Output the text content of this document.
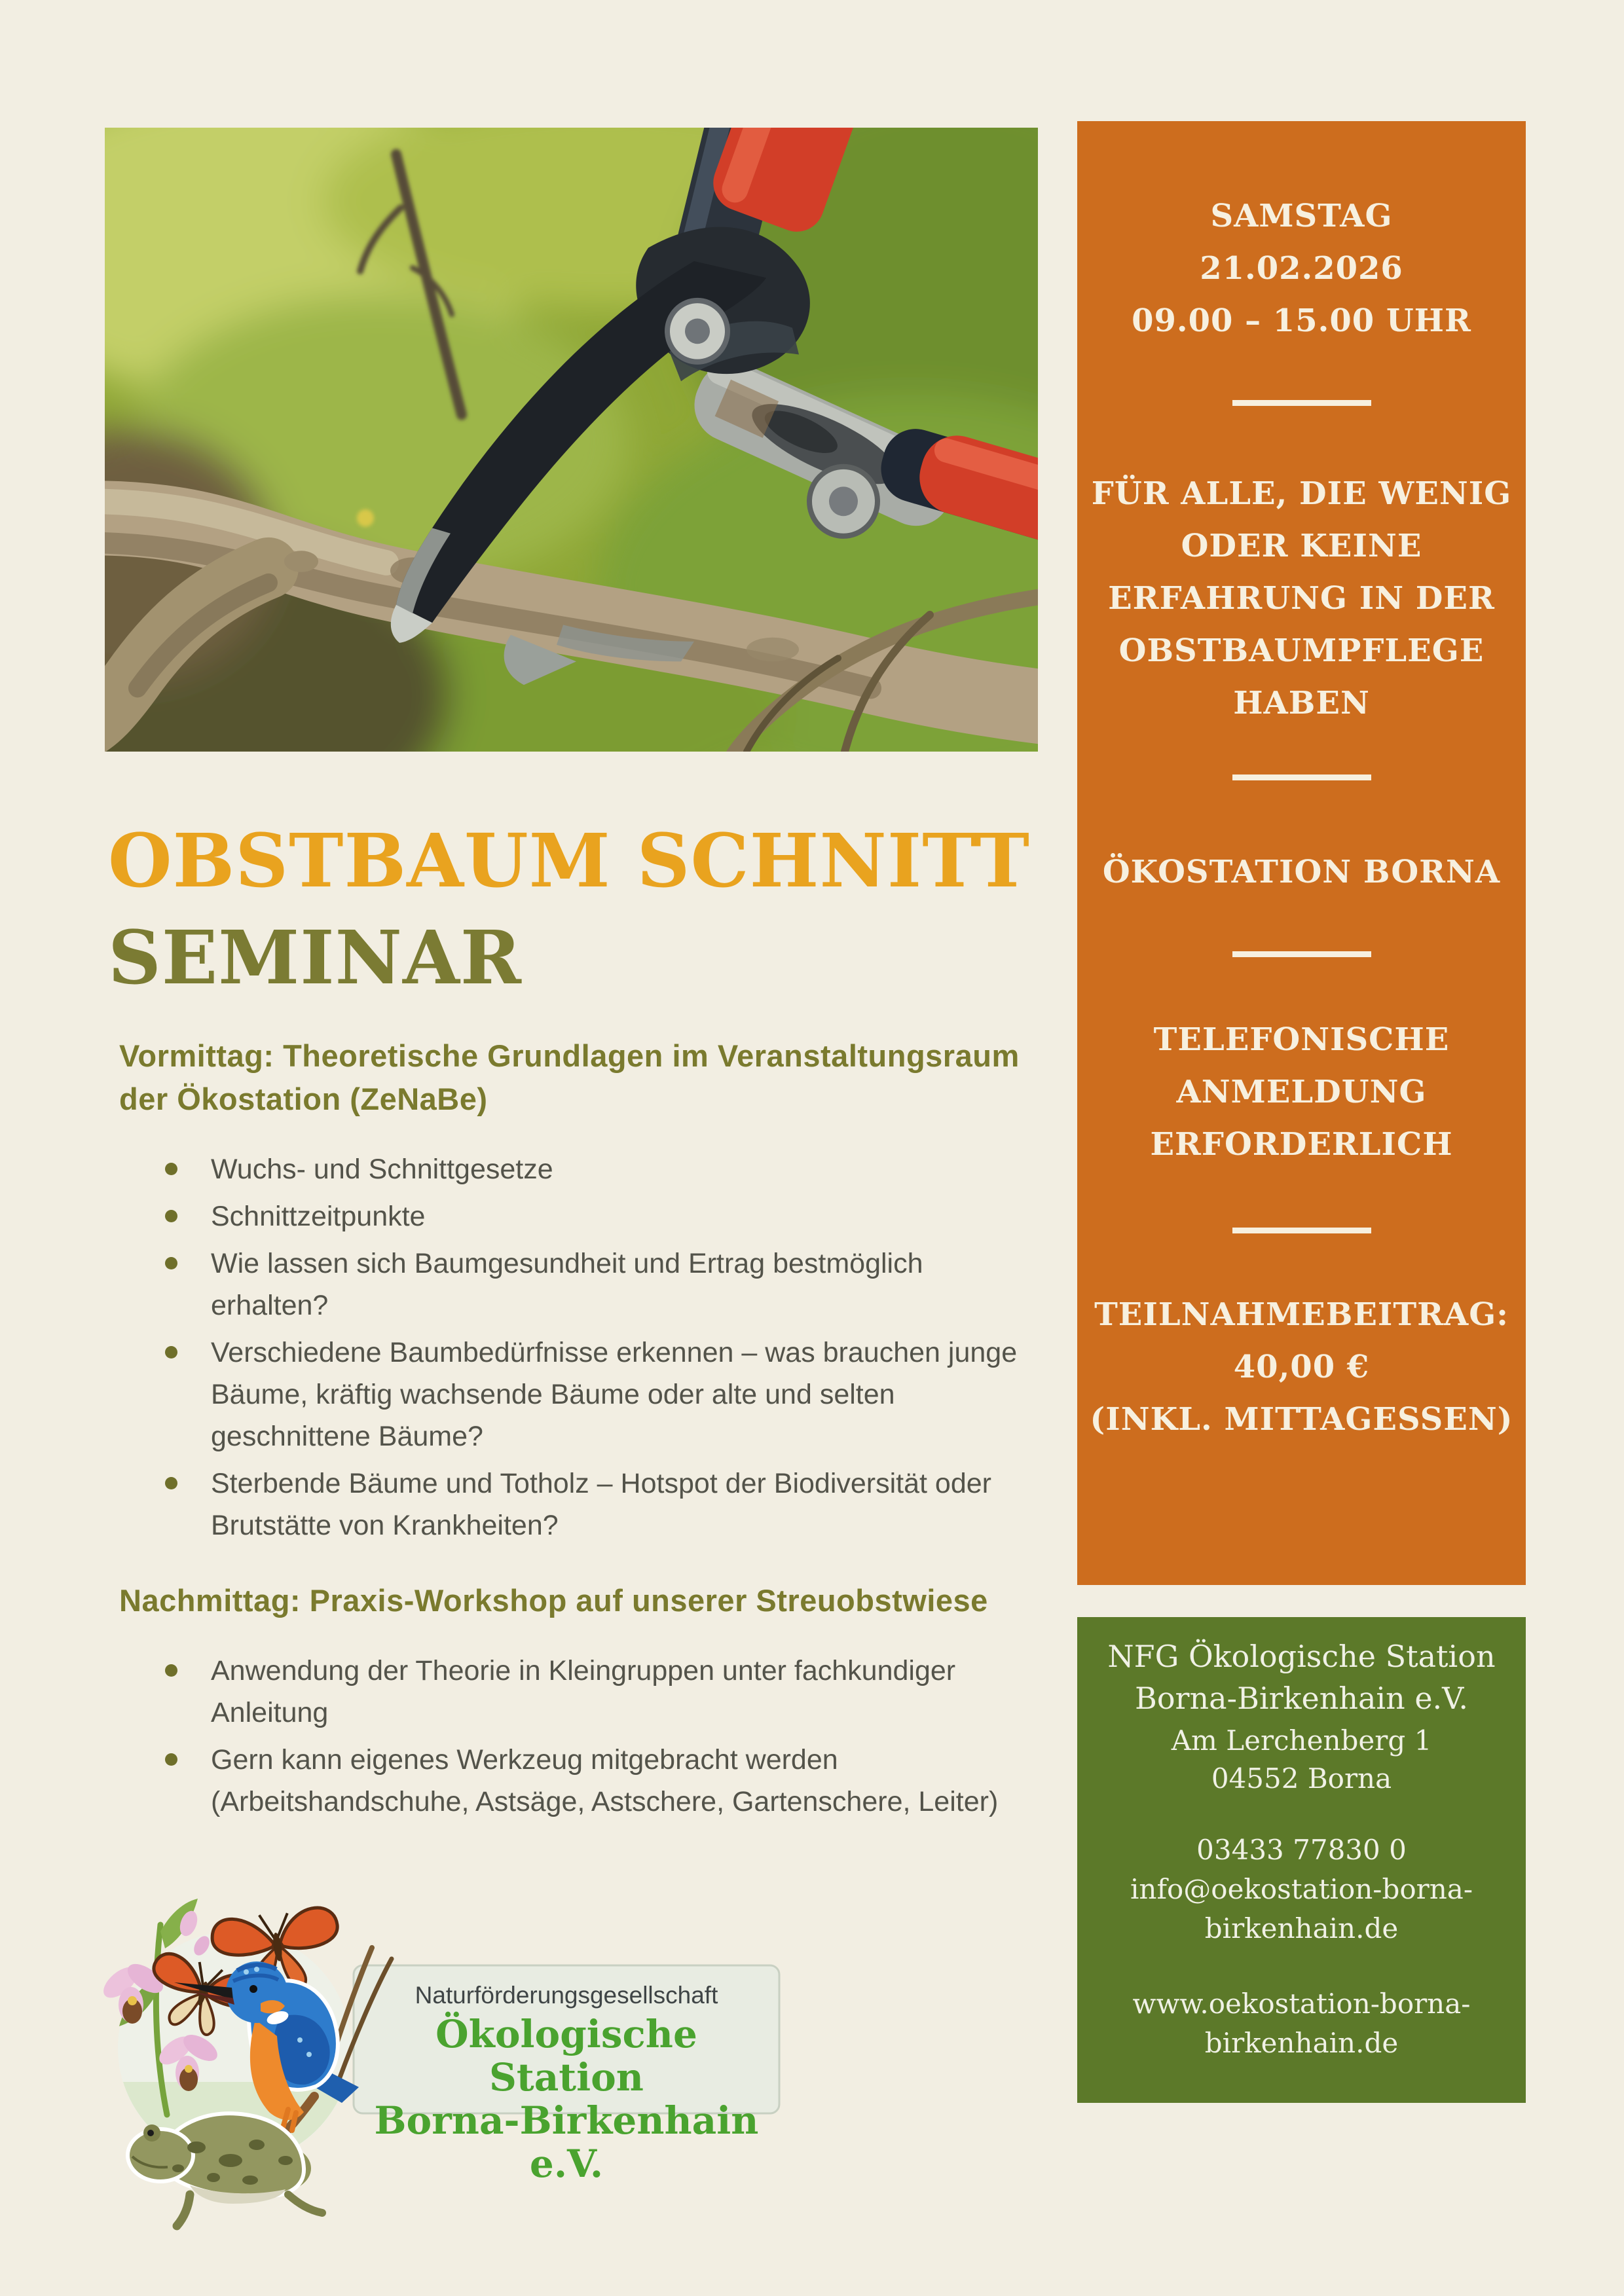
OBSTBAUM SCHNITT
SEMINAR
Vormittag: Theoretische Grundlagen im Veranstaltungsraum
der Ökostation (ZeNaBe)
Wuchs- und Schnittgesetze
Schnittzeitpunkte
Wie lassen sich Baumgesundheit und Ertrag bestmöglich
erhalten?
Verschiedene Baumbedürfnisse erkennen – was brauchen junge
Bäume, kräftig wachsende Bäume oder alte und selten
geschnittene Bäume?
Sterbende Bäume und Totholz – Hotspot der Biodiversität oder
Brutstätte von Krankheiten?
Nachmittag: Praxis-Workshop auf unserer Streuobstwiese
Anwendung der Theorie in Kleingruppen unter fachkundiger
Anleitung
Gern kann eigenes Werkzeug mitgebracht werden
(Arbeitshandschuhe, Astsäge, Astschere, Gartenschere, Leiter)
SAMSTAG
21.02.2026
09.00 – 15.00 UHR
FÜR ALLE, DIE WENIG
ODER KEINE
ERFAHRUNG IN DER
OBSTBAUMPFLEGE
HABEN
ÖKOSTATION BORNA
TELEFONISCHE
ANMELDUNG
ERFORDERLICH
TEILNAHMEBEITRAG:
40,00 €
(INKL. MITTAGESSEN)
NFG Ökologische Station
Borna-Birkenhain e.V.
Am Lerchenberg 1
04552 Borna
03433 77830 0
info@oekostation-borna-
birkenhain.de
www.oekostation-borna-
birkenhain.de
Naturförderungsgesellschaft
Ökologische Station
Borna-Birkenhain e.V.
